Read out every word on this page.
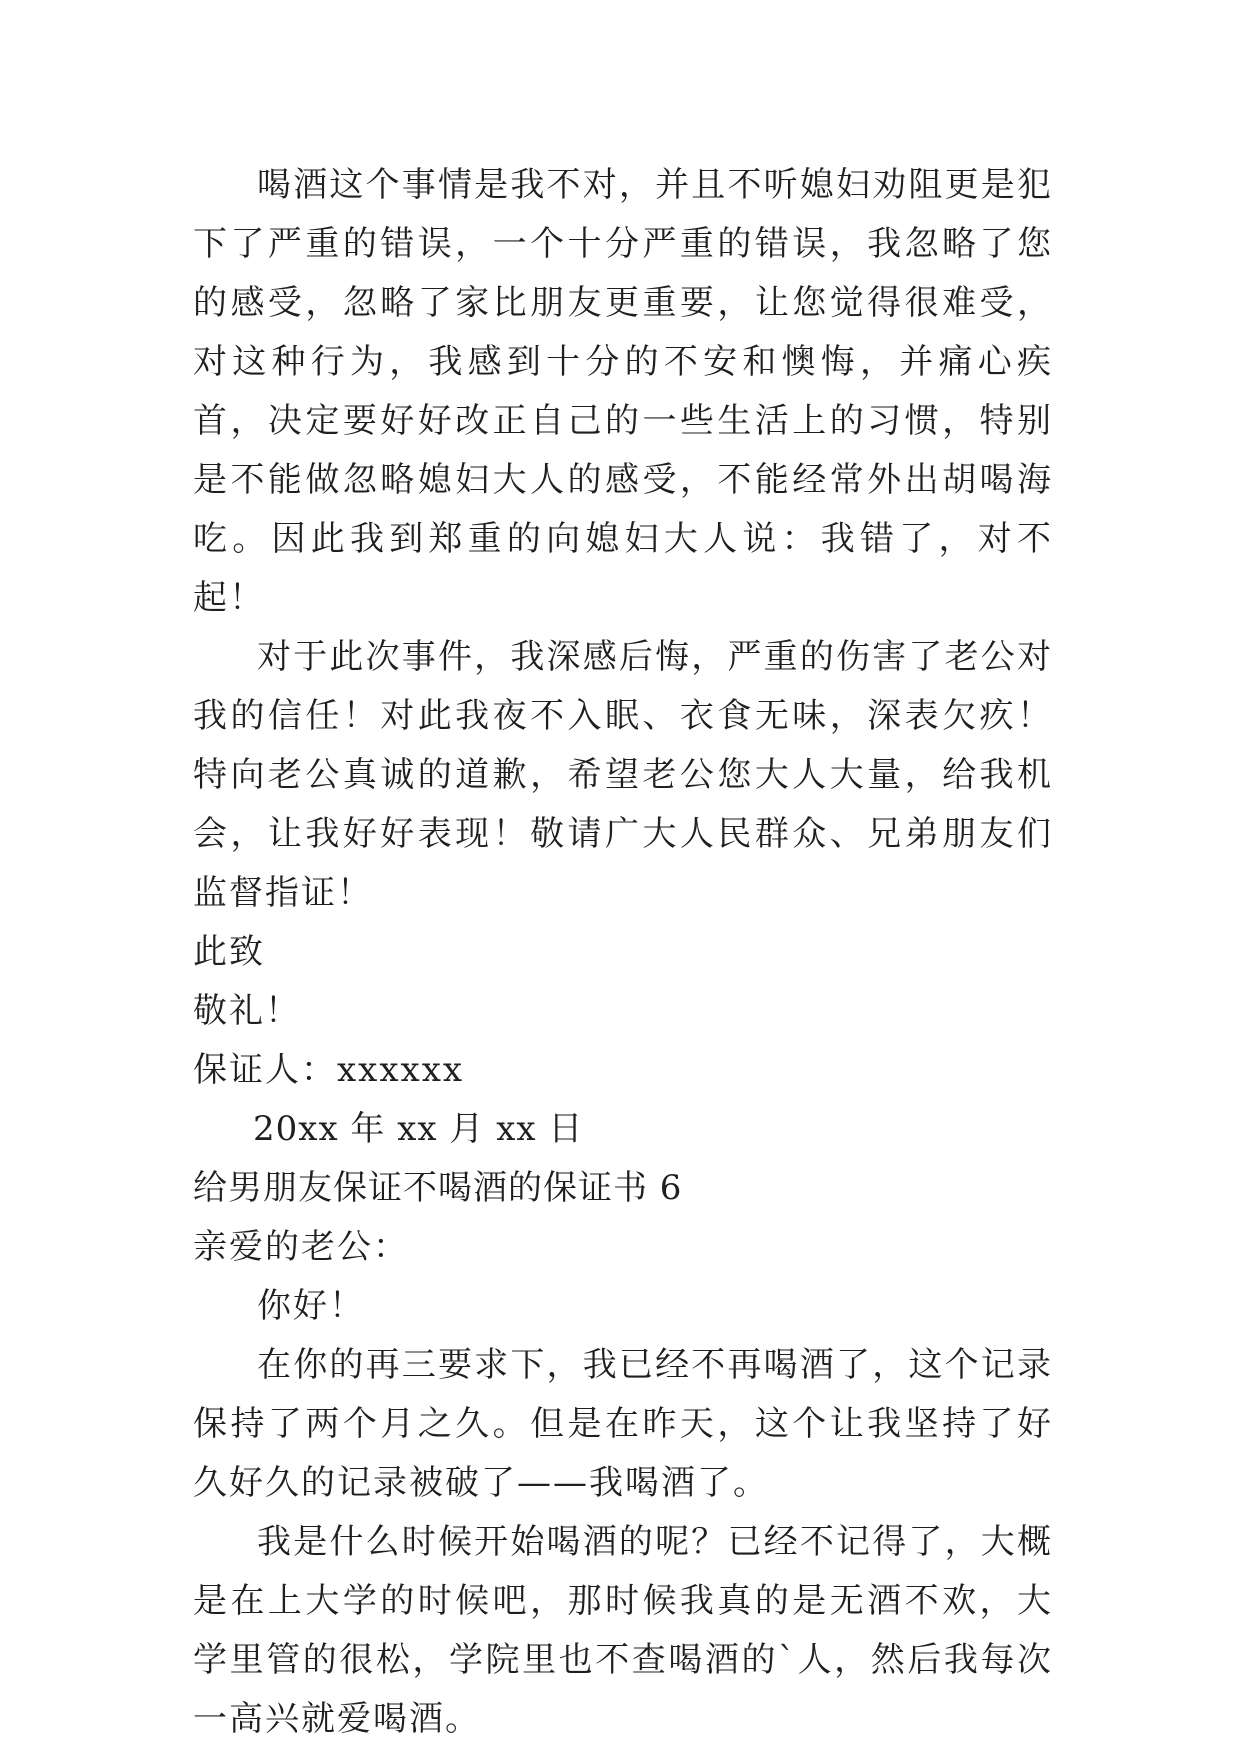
喝酒这个事情是我不对，并且不听媳妇劝阻更是犯下了严重的错误，一个十分严重的错误，我忽略了您的感受，忽略了家比朋友更重要，让您觉得很难受，对这种行为，我感到十分的不安和懊悔，并痛心疾首，决定要好好改正自己的一些生活上的习惯，特别是不能做忽略媳妇大人的感受，不能经常外出胡喝海吃。因此我到郑重的向媳妇大人说：我错了，对不起！

对于此次事件，我深感后悔，严重的伤害了老公对我的信任！对此我夜不入眠、衣食无味，深表欠疚！特向老公真诚的道歉，希望老公您大人大量，给我机会，让我好好表现！敬请广大人民群众、兄弟朋友们监督指证！

此致

敬礼！

保证人：xxxxxx

20xx 年 xx 月 xx 日

给男朋友保证不喝酒的保证书 6

亲爱的老公：

你好！

在你的再三要求下，我已经不再喝酒了，这个记录保持了两个月之久。但是在昨天，这个让我坚持了好久好久的记录被破了——我喝酒了。

我是什么时候开始喝酒的呢？已经不记得了，大概是在上大学的时候吧，那时候我真的是无酒不欢，大学里管的很松，学院里也不查喝酒的`人，然后我每次一高兴就爱喝酒。
